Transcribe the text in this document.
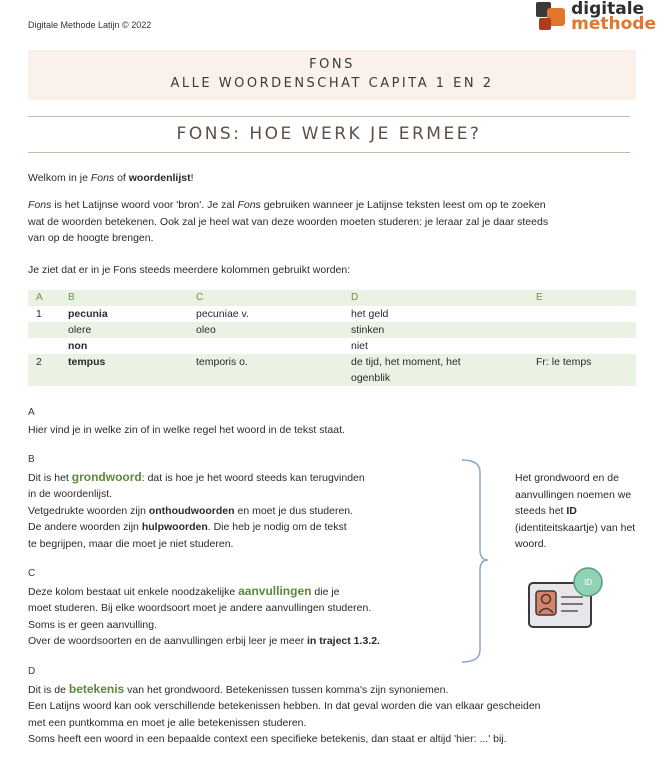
Digitale Methode Latijn © 2022
digitale
methode
FONS
ALLE WOORDENSCHAT CAPITA 1 EN 2
FONS: HOE WERK JE ERMEE?
Welkom in je Fons of woordenlijst!
Fons is het Latijnse woord voor 'bron'. Je zal Fons gebruiken wanneer je Latijnse teksten leest om op te zoeken
wat de woorden betekenen. Ook zal je heel wat van deze woorden moeten studeren: je leraar zal je daar steeds
van op de hoogte brengen.
Je ziet dat er in je Fons steeds meerdere kolommen gebruikt worden:
A	B	C	D	E
1	pecunia	pecuniae v.	het geld	
	olere	oleo	stinken	
	non		niet	
2	tempus	temporis o.	de tijd, het moment, het ogenblik	Fr: le temps
A
Hier vind je in welke zin of in welke regel het woord in de tekst staat.
B
Dit is het grondwoord: dat is hoe je het woord steeds kan terugvinden
in de woordenlijst.
Vetgedrukte woorden zijn onthoudwoorden en moet je dus studeren.
De andere woorden zijn hulpwoorden. Die heb je nodig om de tekst
te begrijpen, maar die moet je niet studeren.
C
Deze kolom bestaat uit enkele noodzakelijke aanvullingen die je
moet studeren. Bij elke woordsoort moet je andere aanvullingen studeren.
Soms is er geen aanvulling.
Over de woordsoorten en de aanvullingen erbij leer je meer in traject 1.3.2.
Het grondwoord en de
aanvullingen noemen we
steeds het ID
(identiteitskaartje) van het
woord.
ID
D
Dit is de betekenis van het grondwoord. Betekenissen tussen komma's zijn synoniemen.
Een Latijns woord kan ook verschillende betekenissen hebben. In dat geval worden die van elkaar gescheiden
met een puntkomma en moet je alle betekenissen studeren.
Soms heeft een woord in een bepaalde context een specifieke betekenis, dan staat er altijd 'hier: ...' bij.
